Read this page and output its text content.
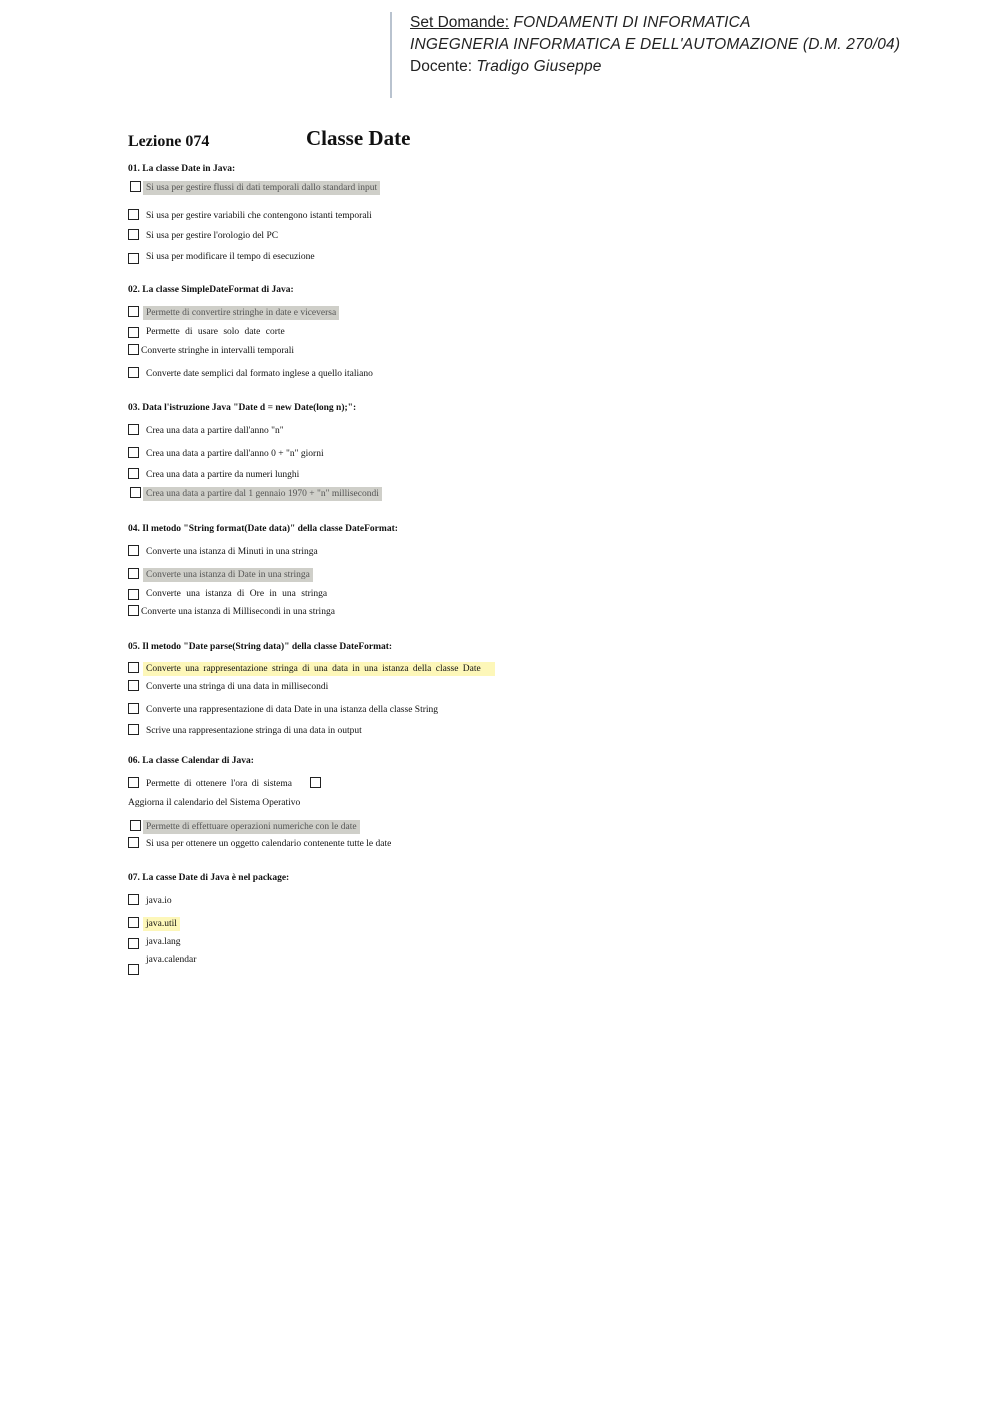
Set Domande: FONDAMENTI DI INFORMATICA
INGEGNERIA INFORMATICA E DELL'AUTOMAZIONE (D.M. 270/04)
Docente: Tradigo Giuseppe
Lezione 074	Classe Date
01. La classe Date in Java:
Si usa per gestire flussi di dati temporali dallo standard input
Si usa per gestire variabili che contengono istanti temporali
Si usa per gestire l'orologio del PC
Si usa per modificare il tempo di esecuzione
02. La classe SimpleDateFormat di Java:
Permette di convertire stringhe in date e viceversa
Permette di usare solo date corte
Converte stringhe in intervalli temporali
Converte date semplici dal formato inglese a quello italiano
03. Data l'istruzione Java "Date d = new Date(long n);":
Crea una data a partire dall'anno "n"
Crea una data a partire dall'anno 0 + "n" giorni
Crea una data a partire da numeri lunghi
Crea una data a partire dal 1 gennaio 1970 + "n" millisecondi
04. Il metodo "String format(Date data)" della classe DateFormat:
Converte una istanza di Minuti in una stringa
Converte una istanza di Date in una stringa
Converte una istanza di Ore in una stringa
Converte una istanza di Millisecondi in una stringa
05. Il metodo "Date parse(String data)" della classe DateFormat:
Converte una rappresentazione stringa di una data in una istanza della classe Date
Converte una stringa di una data in millisecondi
Converte una rappresentazione di data Date in una istanza della classe String
Scrive una rappresentazione stringa di una data in output
06. La classe Calendar di Java:
Permette di ottenere l'ora di sistema
Aggiorna il calendario del Sistema Operativo
Permette di effettuare operazioni numeriche con le date
Si usa per ottenere un oggetto calendario contenente tutte le date
07. La casse Date di Java è nel package:
java.io
java.util
java.lang
java.calendar
